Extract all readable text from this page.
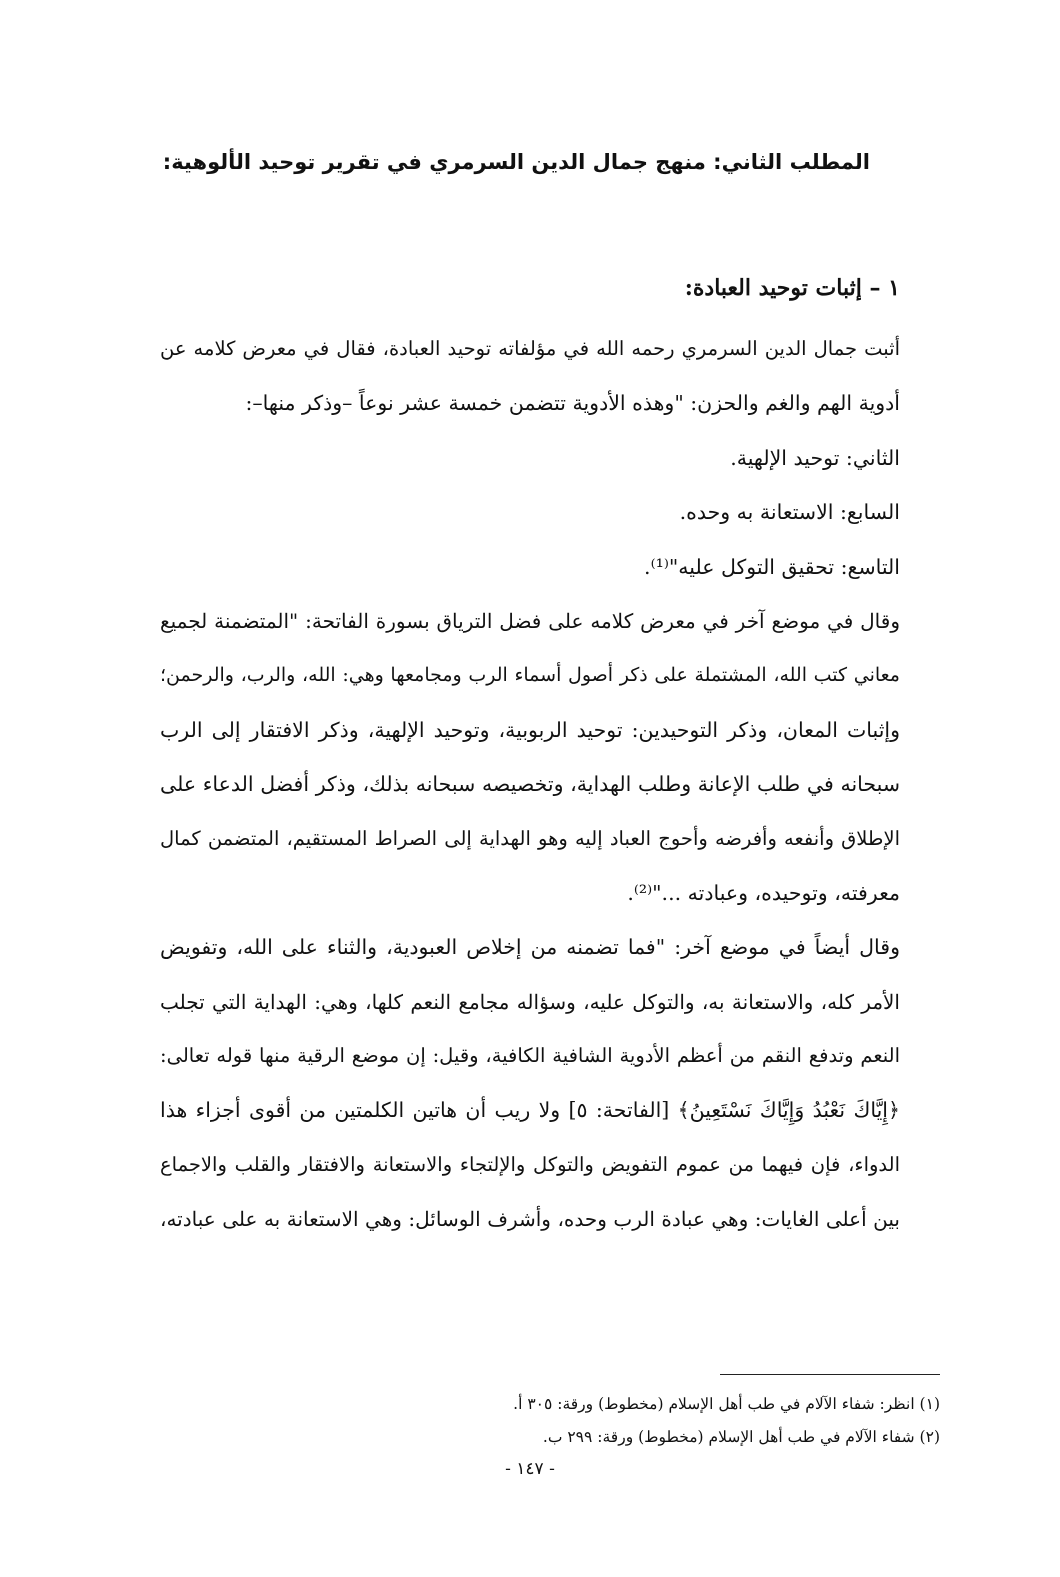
المطلب الثاني: منهج جمال الدين السرمري في تقرير توحيد الألوهية:
١ – إثبات توحيد العبادة:
أثبت جمال الدين السرمري رحمه الله في مؤلفاته توحيد العبادة، فقال في معرض كلامه عن
أدوية الهم والغم والحزن: "وهذه الأدوية تتضمن خمسة عشر نوعاً –وذكر منها–:
الثاني: توحيد الإلهية.
السابع: الاستعانة به وحده.
التاسع: تحقيق التوكل عليه"⁽¹⁾.
وقال في موضع آخر في معرض كلامه على فضل الترياق بسورة الفاتحة: "المتضمنة لجميع
معاني كتب الله، المشتملة على ذكر أصول أسماء الرب ومجامعها وهي: الله، والرب، والرحمن؛
وإثبات المعان، وذكر التوحيدين: توحيد الربوبية، وتوحيد الإلهية، وذكر الافتقار إلى الرب
سبحانه في طلب الإعانة وطلب الهداية، وتخصيصه سبحانه بذلك، وذكر أفضل الدعاء على
الإطلاق وأنفعه وأفرضه وأحوج العباد إليه وهو الهداية إلى الصراط المستقيم، المتضمن كمال
معرفته، وتوحيده، وعبادته ..."⁽²⁾.
وقال أيضاً في موضع آخر: "فما تضمنه من إخلاص العبودية، والثناء على الله، وتفويض
الأمر كله، والاستعانة به، والتوكل عليه، وسؤاله مجامع النعم كلها، وهي: الهداية التي تجلب
النعم وتدفع النقم من أعظم الأدوية الشافية الكافية، وقيل: إن موضع الرقية منها قوله تعالى:
﴿إِيَّاكَ نَعْبُدُ وَإِيَّاكَ نَسْتَعِينُ﴾ [الفاتحة: ٥] ولا ريب أن هاتين الكلمتين من أقوى أجزاء هذا
الدواء، فإن فيهما من عموم التفويض والتوكل والإلتجاء والاستعانة والافتقار والقلب والاجماع
بين أعلى الغايات: وهي عبادة الرب وحده، وأشرف الوسائل: وهي الاستعانة به على عبادته،
(١) انظر: شفاء الآلام في طب أهل الإسلام (مخطوط) ورقة: ٣٠٥ أ.
(٢) شفاء الآلام في طب أهل الإسلام (مخطوط) ورقة: ٢٩٩ ب.
- ١٤٧ -
